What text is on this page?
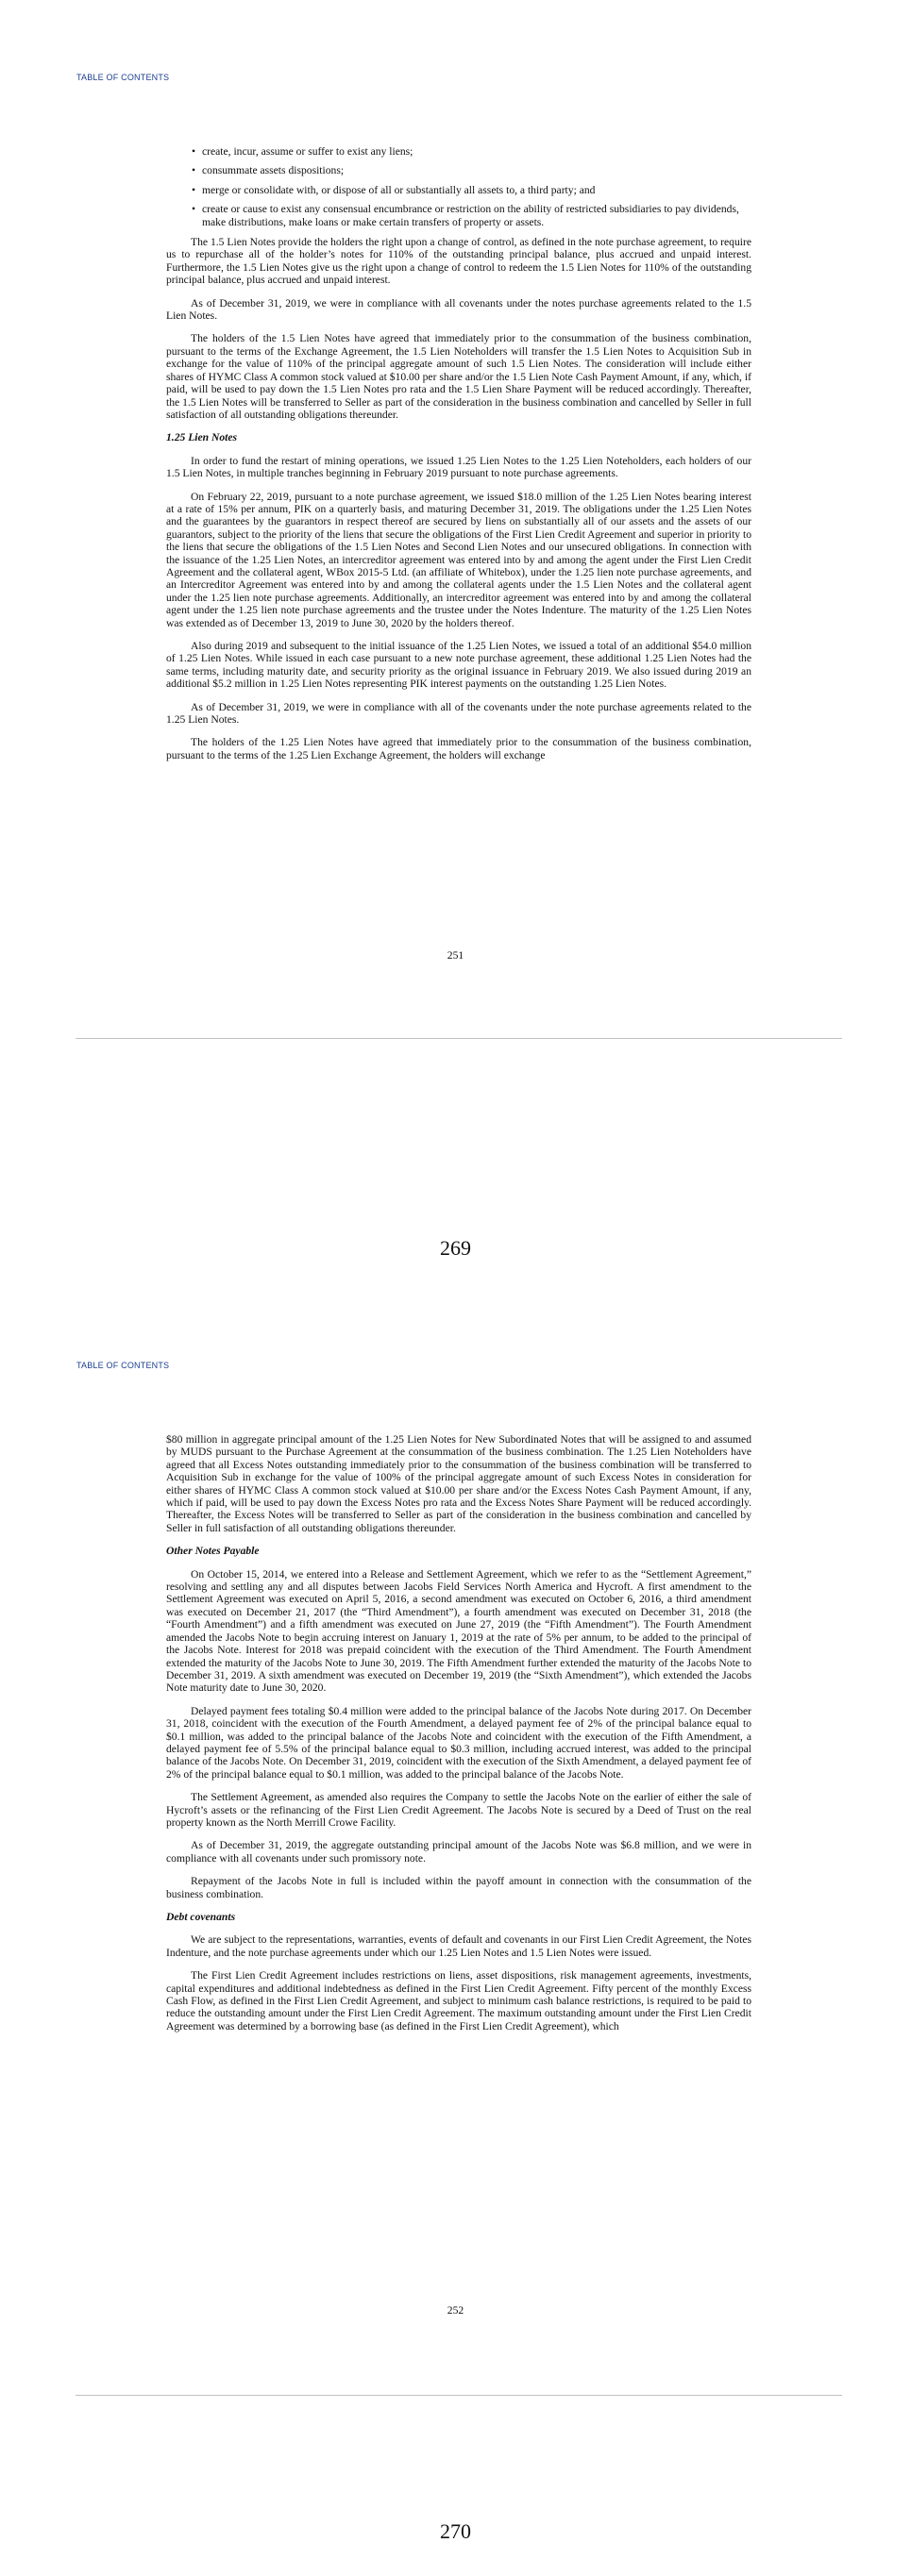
TABLE OF CONTENTS
• create, incur, assume or suffer to exist any liens;
• consummate assets dispositions;
• merge or consolidate with, or dispose of all or substantially all assets to, a third party; and
• create or cause to exist any consensual encumbrance or restriction on the ability of restricted subsidiaries to pay dividends, make distributions, make loans or make certain transfers of property or assets.

The 1.5 Lien Notes provide the holders the right upon a change of control, as defined in the note purchase agreement, to require us to repurchase all of the holder’s notes for 110% of the outstanding principal balance, plus accrued and unpaid interest. Furthermore, the 1.5 Lien Notes give us the right upon a change of control to redeem the 1.5 Lien Notes for 110% of the outstanding principal balance, plus accrued and unpaid interest.

As of December 31, 2019, we were in compliance with all covenants under the notes purchase agreements related to the 1.5 Lien Notes.

The holders of the 1.5 Lien Notes have agreed that immediately prior to the consummation of the business combination, pursuant to the terms of the Exchange Agreement, the 1.5 Lien Noteholders will transfer the 1.5 Lien Notes to Acquisition Sub in exchange for the value of 110% of the principal aggregate amount of such 1.5 Lien Notes. The consideration will include either shares of HYMC Class A common stock valued at $10.00 per share and/or the 1.5 Lien Note Cash Payment Amount, if any, which, if paid, will be used to pay down the 1.5 Lien Notes pro rata and the 1.5 Lien Share Payment will be reduced accordingly. Thereafter, the 1.5 Lien Notes will be transferred to Seller as part of the consideration in the business combination and cancelled by Seller in full satisfaction of all outstanding obligations thereunder.

1.25 Lien Notes

In order to fund the restart of mining operations, we issued 1.25 Lien Notes to the 1.25 Lien Noteholders, each holders of our 1.5 Lien Notes, in multiple tranches beginning in February 2019 pursuant to note purchase agreements.

On February 22, 2019, pursuant to a note purchase agreement, we issued $18.0 million of the 1.25 Lien Notes bearing interest at a rate of 15% per annum, PIK on a quarterly basis, and maturing December 31, 2019. The obligations under the 1.25 Lien Notes and the guarantees by the guarantors in respect thereof are secured by liens on substantially all of our assets and the assets of our guarantors, subject to the priority of the liens that secure the obligations of the First Lien Credit Agreement and superior in priority to the liens that secure the obligations of the 1.5 Lien Notes and Second Lien Notes and our unsecured obligations. In connection with the issuance of the 1.25 Lien Notes, an intercreditor agreement was entered into by and among the agent under the First Lien Credit Agreement and the collateral agent, WBox 2015-5 Ltd. (an affiliate of Whitebox), under the 1.25 lien note purchase agreements, and an Intercreditor Agreement was entered into by and among the collateral agents under the 1.5 Lien Notes and the collateral agent under the 1.25 lien note purchase agreements. Additionally, an intercreditor agreement was entered into by and among the collateral agent under the 1.25 lien note purchase agreements and the trustee under the Notes Indenture. The maturity of the 1.25 Lien Notes was extended as of December 13, 2019 to June 30, 2020 by the holders thereof.

Also during 2019 and subsequent to the initial issuance of the 1.25 Lien Notes, we issued a total of an additional $54.0 million of 1.25 Lien Notes. While issued in each case pursuant to a new note purchase agreement, these additional 1.25 Lien Notes had the same terms, including maturity date, and security priority as the original issuance in February 2019. We also issued during 2019 an additional $5.2 million in 1.25 Lien Notes representing PIK interest payments on the outstanding 1.25 Lien Notes.

As of December 31, 2019, we were in compliance with all of the covenants under the note purchase agreements related to the 1.25 Lien Notes.

The holders of the 1.25 Lien Notes have agreed that immediately prior to the consummation of the business combination, pursuant to the terms of the 1.25 Lien Exchange Agreement, the holders will exchange

251
269
TABLE OF CONTENTS

$80 million in aggregate principal amount of the 1.25 Lien Notes for New Subordinated Notes that will be assigned to and assumed by MUDS pursuant to the Purchase Agreement at the consummation of the business combination. The 1.25 Lien Noteholders have agreed that all Excess Notes outstanding immediately prior to the consummation of the business combination will be transferred to Acquisition Sub in exchange for the value of 100% of the principal aggregate amount of such Excess Notes in consideration for either shares of HYMC Class A common stock valued at $10.00 per share and/or the Excess Notes Cash Payment Amount, if any, which if paid, will be used to pay down the Excess Notes pro rata and the Excess Notes Share Payment will be reduced accordingly. Thereafter, the Excess Notes will be transferred to Seller as part of the consideration in the business combination and cancelled by Seller in full satisfaction of all outstanding obligations thereunder.

Other Notes Payable

On October 15, 2014, we entered into a Release and Settlement Agreement, which we refer to as the “Settlement Agreement,” resolving and settling any and all disputes between Jacobs Field Services North America and Hycroft. A first amendment to the Settlement Agreement was executed on April 5, 2016, a second amendment was executed on October 6, 2016, a third amendment was executed on December 21, 2017 (the “Third Amendment”), a fourth amendment was executed on December 31, 2018 (the “Fourth Amendment”) and a fifth amendment was executed on June 27, 2019 (the “Fifth Amendment”). The Fourth Amendment amended the Jacobs Note to begin accruing interest on January 1, 2019 at the rate of 5% per annum, to be added to the principal of the Jacobs Note. Interest for 2018 was prepaid coincident with the execution of the Third Amendment. The Fourth Amendment extended the maturity of the Jacobs Note to June 30, 2019. The Fifth Amendment further extended the maturity of the Jacobs Note to December 31, 2019. A sixth amendment was executed on December 19, 2019 (the “Sixth Amendment”), which extended the Jacobs Note maturity date to June 30, 2020.

Delayed payment fees totaling $0.4 million were added to the principal balance of the Jacobs Note during 2017. On December 31, 2018, coincident with the execution of the Fourth Amendment, a delayed payment fee of 2% of the principal balance equal to $0.1 million, was added to the principal balance of the Jacobs Note and coincident with the execution of the Fifth Amendment, a delayed payment fee of 5.5% of the principal balance equal to $0.3 million, including accrued interest, was added to the principal balance of the Jacobs Note. On December 31, 2019, coincident with the execution of the Sixth Amendment, a delayed payment fee of 2% of the principal balance equal to $0.1 million, was added to the principal balance of the Jacobs Note.

The Settlement Agreement, as amended also requires the Company to settle the Jacobs Note on the earlier of either the sale of Hycroft’s assets or the refinancing of the First Lien Credit Agreement. The Jacobs Note is secured by a Deed of Trust on the real property known as the North Merrill Crowe Facility.

As of December 31, 2019, the aggregate outstanding principal amount of the Jacobs Note was $6.8 million, and we were in compliance with all covenants under such promissory note.

Repayment of the Jacobs Note in full is included within the payoff amount in connection with the consummation of the business combination.

Debt covenants

We are subject to the representations, warranties, events of default and covenants in our First Lien Credit Agreement, the Notes Indenture, and the note purchase agreements under which our 1.25 Lien Notes and 1.5 Lien Notes were issued.

The First Lien Credit Agreement includes restrictions on liens, asset dispositions, risk management agreements, investments, capital expenditures and additional indebtedness as defined in the First Lien Credit Agreement. Fifty percent of the monthly Excess Cash Flow, as defined in the First Lien Credit Agreement, and subject to minimum cash balance restrictions, is required to be paid to reduce the outstanding amount under the First Lien Credit Agreement. The maximum outstanding amount under the First Lien Credit Agreement was determined by a borrowing base (as defined in the First Lien Credit Agreement), which

252
270
